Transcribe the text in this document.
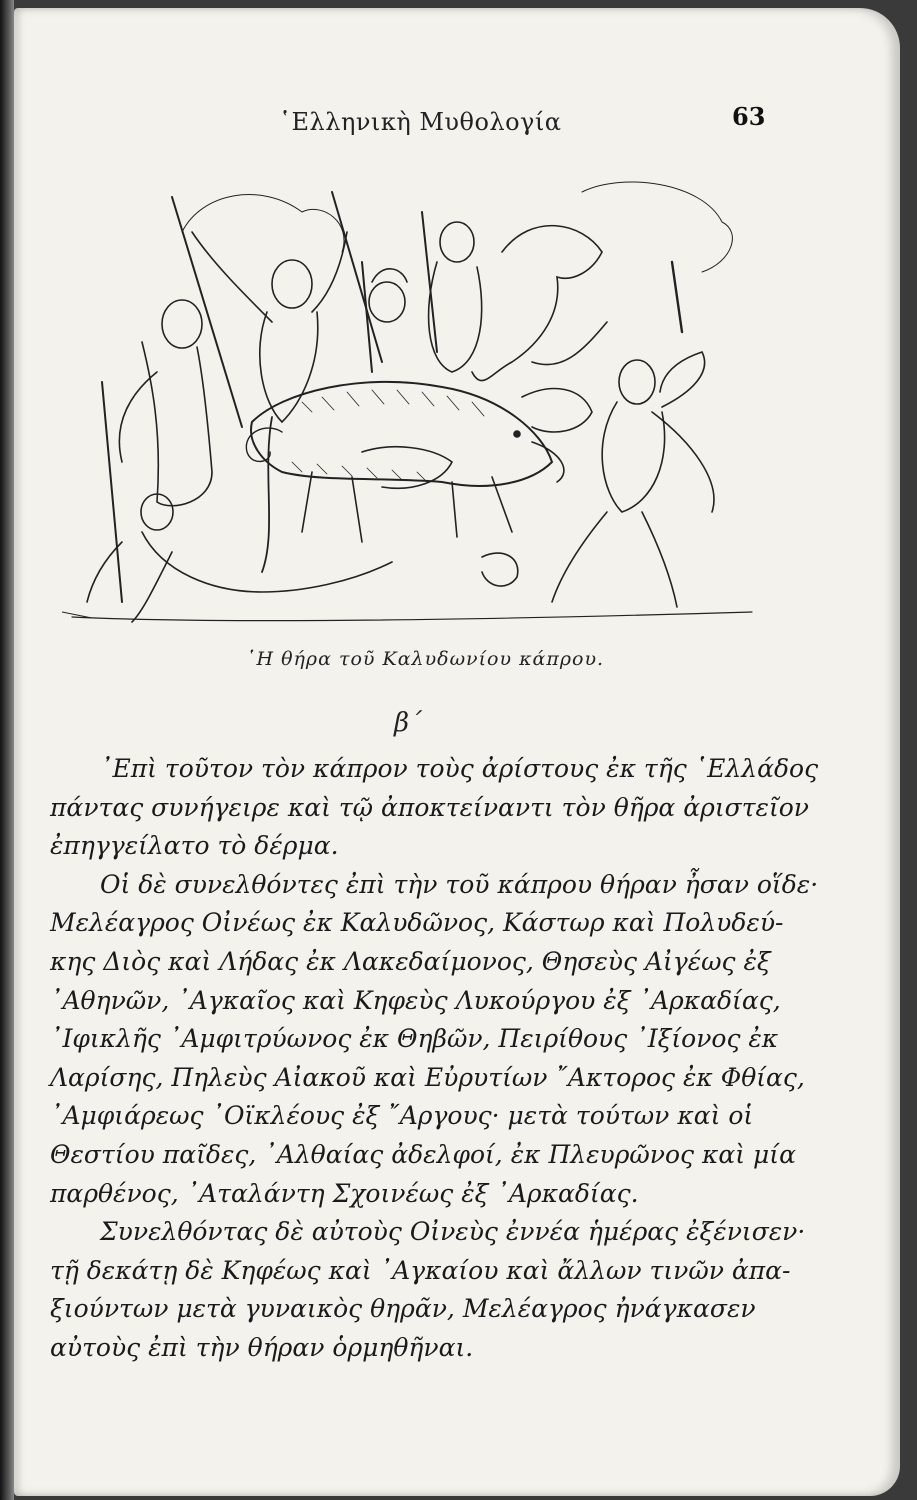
῾Ελληνικὴ Μυθολογία	63
῾Η θήρα τοῦ Καλυδωνίου κάπρου.
β΄

᾽Επὶ τοῦτον τὸν κάπρον τοὺς ἀρίστους ἐκ τῆς ῾Ελλάδος
πάντας συνήγειρε καὶ τῷ ἀποκτείναντι τὸν θῆρα ἀριστεῖον
ἐπηγγείλατο τὸ δέρμα.

Οἱ δὲ συνελθόντες ἐπὶ τὴν τοῦ κάπρου θήραν ἦσαν οἵδε·
Μελέαγρος Οἰνέως ἐκ Καλυδῶνος, Κάστωρ καὶ Πολυδεύ-
κης Διὸς καὶ Λήδας ἐκ Λακεδαίμονος, Θησεὺς Αἰγέως ἐξ
᾽Αθηνῶν, ᾽Αγκαῖος καὶ Κηφεὺς Λυκούργου ἐξ ᾽Αρκαδίας,
᾽Ιφικλῆς ᾽Αμφιτρύωνος ἐκ Θηβῶν, Πειρίθους ᾽Ιξίονος ἐκ
Λαρίσης, Πηλεὺς Αἰακοῦ καὶ Εὐρυτίων ῎Ακτορος ἐκ Φθίας,
᾽Αμφιάρεως ᾽Οϊκλέους ἐξ ῎Αργους· μετὰ τούτων καὶ οἱ
Θεστίου παῖδες, ᾽Αλθαίας ἀδελφοί, ἐκ Πλευρῶνος καὶ μία
παρθένος, ᾽Αταλάντη Σχοινέως ἐξ ᾽Αρκαδίας.

Συνελθόντας δὲ αὐτοὺς Οἰνεὺς ἐννέα ἡμέρας ἐξένισεν·
τῇ δεκάτῃ δὲ Κηφέως καὶ ᾽Αγκαίου καὶ ἄλλων τινῶν ἀπα-
ξιούντων μετὰ γυναικὸς θηρᾶν, Μελέαγρος ἠνάγκασεν
αὐτοὺς ἐπὶ τὴν θήραν ὁρμηθῆναι.
